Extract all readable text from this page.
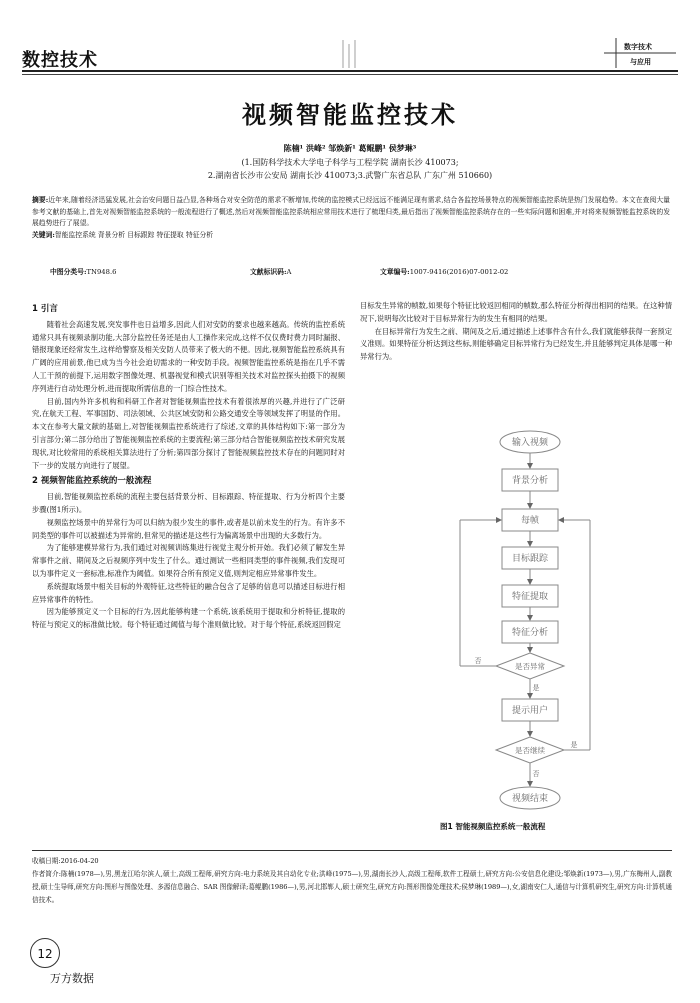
数控技术
数字技术
与应用
视频智能监控技术
陈楠¹ 洪峰² 邹焕新¹ 葛鲲鹏¹ 侯梦琳³
(1.国防科学技术大学电子科学与工程学院 湖南长沙 410073;
2.湖南省长沙市公安局 湖南长沙 410073;3.武警广东省总队 广东广州 510660)
摘要:近年来,随着经济迅猛发展,社会治安问题日益凸显,各种场合对安全防范的需求不断增加,传统的监控模式已经远远不能满足现有需求,结合各监控场景特点的视频智能监控系统是热门发展趋势。本文在查阅大量参考文献的基础上,首先对视频智能监控系统的一般流程进行了概述,然后对视频智能监控系统相应常用技术进行了梳理归类,最后指出了视频智能监控系统存在的一些实际问题和困难,并对将来视频智能监控系统的发展趋势进行了展望。
关键词:智能监控系统 背景分析 目标跟踪 特征提取 特征分析
中图分类号:TN948.6	文献标识码:A	文章编号:1007-9416(2016)07-0012-02
1 引言

随着社会高速发展,突发事件也日益增多,因此人们对安防的要求也越来越高。传统的监控系统通常只具有视频录制功能,大部分监控任务还是由人工操作来完成,这样不仅仅费时费力同时漏报、错报现象还经常发生,这样给警察及相关安防人员带来了极大的不便。因此,视频智能监控系统具有广阔的应用前景,他已成为当今社会迫切需求的一种安防手段。视频智能监控系统是指在几乎不需人工干预的前提下,运用数字图像处理、机器视觉和模式识别等相关技术对监控探头拍摄下的视频序列进行自动处理分析,进而提取所需信息的一门综合性技术。

目前,国内外许多机构和科研工作者对智能视频监控技术有着很浓厚的兴趣,并进行了广泛研究,在航天工程、军事国防、司法领域、公共区域安防和公路交通安全等领域发挥了明显的作用。本文在参考大量文献的基础上,对智能视频监控系统进行了综述,文章的具体结构如下:第一部分为引言部分;第二部分给出了智能视频监控系统的主要流程;第三部分结合智能视频监控技术研究发展现状,对比较常用的系统相关算法进行了分析;第四部分探讨了智能视频监控技术存在的问题同时对下一步的发展方向进行了展望。

2 视频智能监控系统的一般流程

目前,智能视频监控系统的流程主要包括背景分析、目标跟踪、特征提取、行为分析四个主要步骤(图1所示)。

视频监控场景中的异常行为可以归纳为很少发生的事件,或者是以前未发生的行为。有许多不同类型的事件可以被描述为异常的,但常见的描述是这些行为偏离场景中出现的大多数行为。

为了能够建模异常行为,我们通过对视频训练集进行视觉主观分析开始。我们必须了解发生异常事件之前、期间及之后视频序列中发生了什么。通过测试一些相同类型的事件视频,我们发现可以为事件定义一套标准,标准作为阈值。如果符合所有预定义值,则判定相应异常事件发生。

系统提取场景中相关目标的外观特征,这些特征的融合包含了足够的信息可以描述目标进行相应异常事件的特性。

因为能够预定义一个目标的行为,因此能够构建一个系统,该系统用于提取和分析特征,提取的特征与预定义的标准做比较。每个特征通过阈值与每个准则做比较。对于每个特征,系统返回假定

目标发生异常的帧数,如果每个特征比较返回相同的帧数,那么特征分析得出相同的结果。在这种情况下,说明每次比较对于目标异常行为的发生有相同的结果。

在目标异常行为发生之前、期间及之后,通过描述上述事件含有什么,我们就能够获得一套预定义准则。如果特征分析达到这些标,则能够确定目标异常行为已经发生,并且能够判定具体是哪一种异常行为。

输入视频
背景分析
每帧
目标跟踪
特征提取
特征分析
是否异常
否
是
提示用户
是否继续
是
否
视频结束
图1 智能视频监控系统一般流程
收稿日期:2016-04-20
作者简介:陈楠(1978—),男,黑龙江哈尔滨人,硕士,高级工程师,研究方向:电力系统及其自动化专业;洪峰(1975—),男,湖南长沙人,高级工程师,软件工程硕士,研究方向:公安信息化建设;邹焕新(1973—),男,广东梅州人,副教授,硕士生导师,研究方向:图形与图像处理、多源信息融合、SAR 图像解译;葛鲲鹏(1986—),男,河北邯郸人,硕士研究生,研究方向:图形图像处理技术;侯梦琳(1989—),女,湖南安仁人,通信与计算机研究生,研究方向:计算机通信技术。
12
万方数据
